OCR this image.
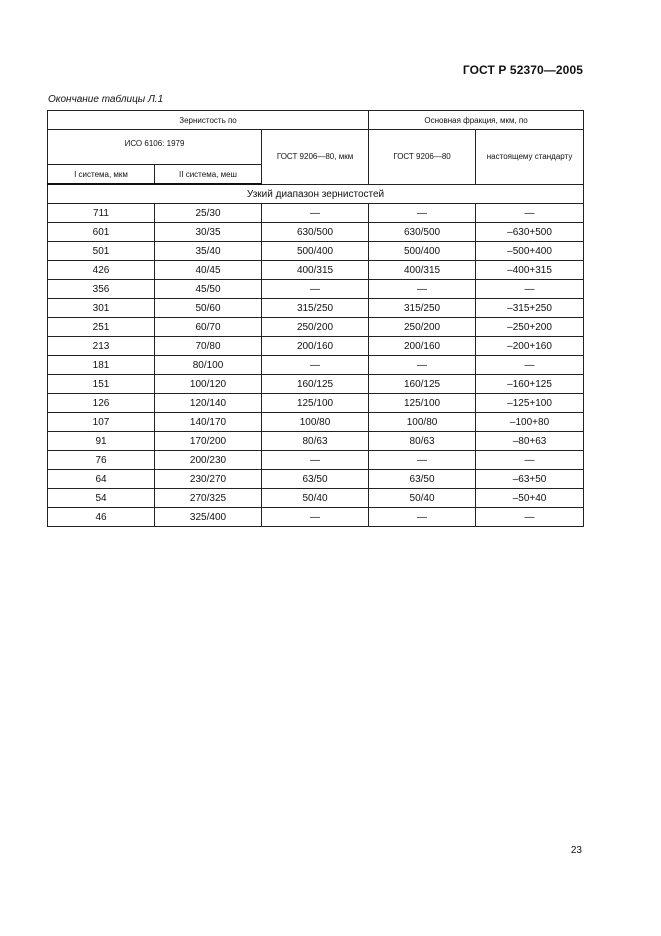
ГОСТ Р 52370—2005
Окончание таблицы Л.1
Зернистость по			Основная фракция, мкм, по	
ИСО 6106: 1979		ГОСТ 9206—80, мкм	ГОСТ 9206—80	настоящему стандарту
I система, мкм	II система, меш			
Узкий диапазон зернистостей				
711	25/30	—	—	—
601	30/35	630/500	630/500	–630+500
501	35/40	500/400	500/400	–500+400
426	40/45	400/315	400/315	–400+315
356	45/50	—	—	—
301	50/60	315/250	315/250	–315+250
251	60/70	250/200	250/200	–250+200
213	70/80	200/160	200/160	–200+160
181	80/100	—	—	—
151	100/120	160/125	160/125	–160+125
126	120/140	125/100	125/100	–125+100
107	140/170	100/80	100/80	–100+80
91	170/200	80/63	80/63	–80+63
76	200/230	—	—	—
64	230/270	63/50	63/50	–63+50
54	270/325	50/40	50/40	–50+40
46	325/400	—	—	—
23
